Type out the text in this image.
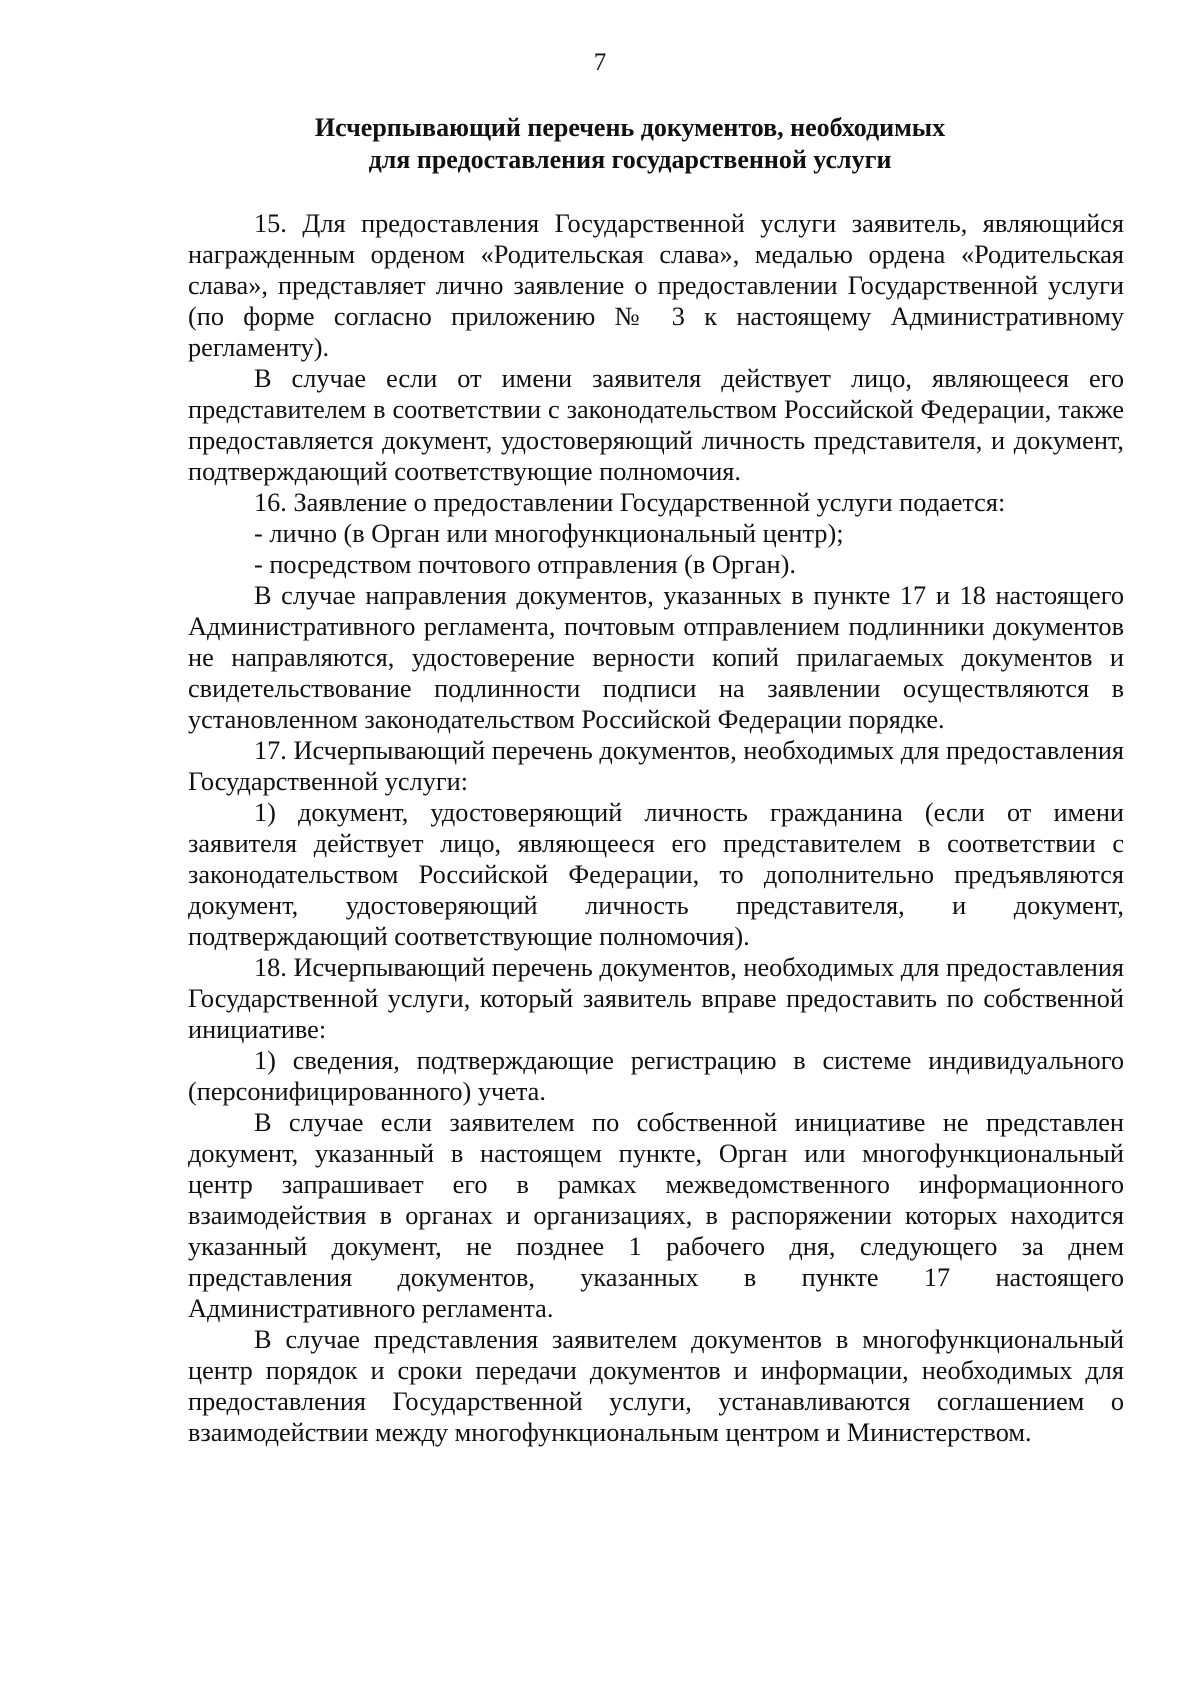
7
Исчерпывающий перечень документов, необходимых
для предоставления государственной услуги

15. Для предоставления Государственной услуги заявитель, являющийся награжденным орденом «Родительская слава», медалью ордена «Родительская слава», представляет лично заявление о предоставлении Государственной услуги (по форме согласно приложению № 3 к настоящему Административному регламенту).

В случае если от имени заявителя действует лицо, являющееся его представителем в соответствии с законодательством Российской Федерации, также предоставляется документ, удостоверяющий личность представителя, и документ, подтверждающий соответствующие полномочия.

16. Заявление о предоставлении Государственной услуги подается:

- лично (в Орган или многофункциональный центр);

- посредством почтового отправления (в Орган).

В случае направления документов, указанных в пункте 17 и 18 настоящего Административного регламента, почтовым отправлением подлинники документов не направляются, удостоверение верности копий прилагаемых документов и свидетельствование подлинности подписи на заявлении осуществляются в установленном законодательством Российской Федерации порядке.

17. Исчерпывающий перечень документов, необходимых для предоставления Государственной услуги:

1) документ, удостоверяющий личность гражданина (если от имени заявителя действует лицо, являющееся его представителем в соответствии с законодательством Российской Федерации, то дополнительно предъявляются документ, удостоверяющий личность представителя, и документ, подтверждающий соответствующие полномочия).

18. Исчерпывающий перечень документов, необходимых для предоставления Государственной услуги, который заявитель вправе предоставить по собственной инициативе:

1) сведения, подтверждающие регистрацию в системе индивидуального (персонифицированного) учета.

В случае если заявителем по собственной инициативе не представлен документ, указанный в настоящем пункте, Орган или многофункциональный центр запрашивает его в рамках межведомственного информационного взаимодействия в органах и организациях, в распоряжении которых находится указанный документ, не позднее 1 рабочего дня, следующего за днем представления документов, указанных в пункте 17 настоящего Административного регламента.

В случае представления заявителем документов в многофункциональный центр порядок и сроки передачи документов и информации, необходимых для предоставления Государственной услуги, устанавливаются соглашением о взаимодействии между многофункциональным центром и Министерством.
